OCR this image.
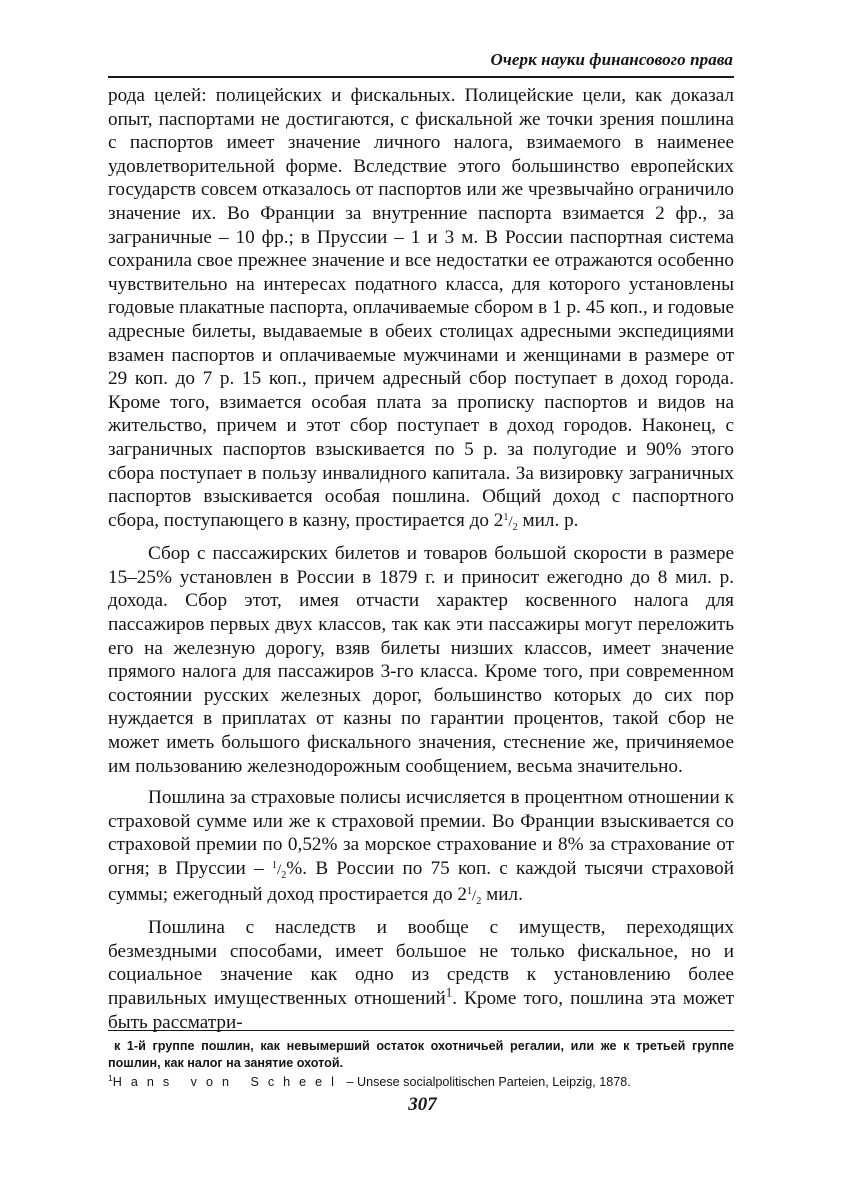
Очерк науки финансового права

рода целей: полицейских и фискальных. Полицейские цели, как доказал опыт, паспортами не достигаются, с фискальной же точки зрения пошлина с паспортов имеет значение личного налога, взимаемого в наименее удовлетворительной форме. Вследствие этого большинство европейских государств совсем отказалось от паспортов или же чрезвычайно ограничило значение их. Во Франции за внутренние паспорта взимается 2 фр., за заграничные – 10 фр.; в Пруссии – 1 и 3 м. В России паспортная система сохранила свое прежнее значение и все недостатки ее отражаются особенно чувствительно на интересах податного класса, для которого установлены годовые плакатные паспорта, оплачиваемые сбором в 1 р. 45 коп., и годовые адресные билеты, выдаваемые в обеих столицах адресными экспедициями взамен паспортов и оплачиваемые мужчинами и женщинами в размере от 29 коп. до 7 р. 15 коп., причем адресный сбор поступает в доход города. Кроме того, взимается особая плата за прописку паспортов и видов на жительство, причем и этот сбор поступает в доход городов. Наконец, с заграничных паспортов взыскивается по 5 р. за полугодие и 90% этого сбора поступает в пользу инвалидного капитала. За визировку заграничных паспортов взыскивается особая пошлина. Общий доход с паспортного сбора, поступающего в казну, простирается до $2^1/_2$ мил. р.

Сбор с пассажирских билетов и товаров большой скорости в размере 15–25% установлен в России в 1879 г. и приносит ежегодно до 8 мил. р. дохода. Сбор этот, имея отчасти характер косвенного налога для пассажиров первых двух классов, так как эти пассажиры могут переложить его на железную дорогу, взяв билеты низших классов, имеет значение прямого налога для пассажиров 3-го класса. Кроме того, при современном состоянии русских железных дорог, большинство которых до сих пор нуждается в приплатах от казны по гарантии процентов, такой сбор не может иметь большого фискального значения, стеснение же, причиняемое им пользованию железнодорожным сообщением, весьма значительно.

Пошлина за страховые полисы исчисляется в процентном отношении к страховой сумме или же к страховой премии. Во Франции взыскивается со страховой премии по 0,52% за морское страхование и 8% за страхование от огня; в Пруссии – $^1/_2\%$. В России по 75 коп. с каждой тысячи страховой суммы; ежегодный доход простирается до $2^1/_2$ мил.

Пошлина с наследств и вообще с имуществ, переходящих безмездными способами, имеет большое не только фискальное, но и социальное значение как одно из средств к установлению более правильных имущественных отношений$^1$. Кроме того, пошлина эта может быть рассматри-

к 1-й группе пошлин, как невымерший остаток охотничьей регалии, или же к третьей группе пошлин, как налог на занятие охотой.
$^1$Hans von Scheel – Unsese socialpolitischen Parteien, Leipzig, 1878.
307
